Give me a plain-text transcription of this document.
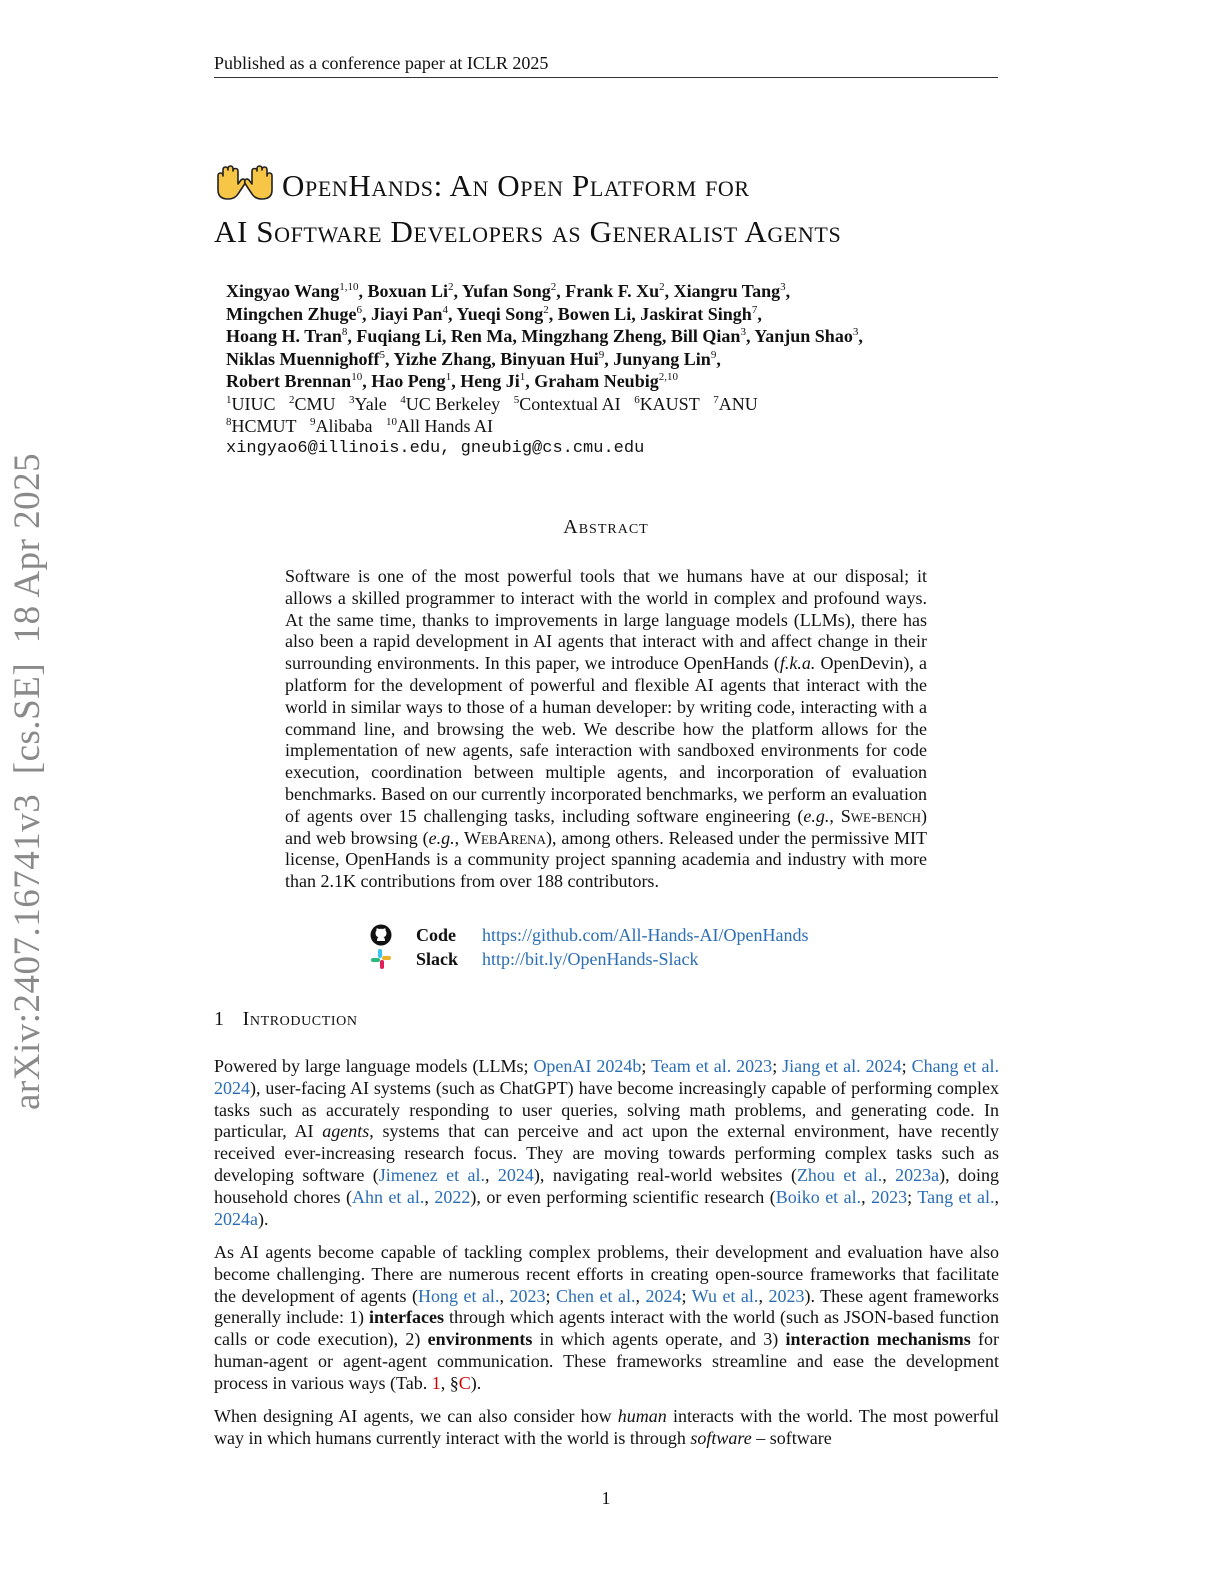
Published as a conference paper at ICLR 2025
arXiv:2407.16741v3  [cs.SE]  18 Apr 2025
OpenHands: An Open Platform for
AI Software Developers as Generalist Agents
Xingyao Wang$^{1,10}$, Boxuan Li$^2$, Yufan Song$^2$, Frank F. Xu$^2$, Xiangru Tang$^3$,
Mingchen Zhuge$^6$, Jiayi Pan$^4$, Yueqi Song$^2$, Bowen Li, Jaskirat Singh$^7$,
Hoang H. Tran$^8$, Fuqiang Li, Ren Ma, Mingzhang Zheng, Bill Qian$^3$, Yanjun Shao$^3$,
Niklas Muennighoff$^5$, Yizhe Zhang, Binyuan Hui$^9$, Junyang Lin$^9$,
Robert Brennan$^{10}$, Hao Peng$^1$, Heng Ji$^1$, Graham Neubig$^{2,10}$
$^1$UIUC $^2$CMU $^3$Yale $^4$UC Berkeley $^5$Contextual AI $^6$KAUST $^7$ANU
$^8$HCMUT $^9$Alibaba $^{10}$All Hands AI
xingyao6@illinois.edu, gneubig@cs.cmu.edu
Abstract
Software is one of the most powerful tools that we humans have at our disposal; it allows a skilled programmer to interact with the world in complex and profound ways. At the same time, thanks to improvements in large language models (LLMs), there has also been a rapid development in AI agents that interact with and affect change in their surrounding environments. In this paper, we introduce OpenHands (f.k.a. OpenDevin), a platform for the development of powerful and flexible AI agents that interact with the world in similar ways to those of a human developer: by writing code, interacting with a command line, and browsing the web. We describe how the platform allows for the implementation of new agents, safe interaction with sandboxed environments for code execution, coordination between multiple agents, and incorporation of evaluation benchmarks. Based on our currently incorporated benchmarks, we perform an evaluation of agents over 15 challenging tasks, including software engineering (e.g., Swe-bench) and web browsing (e.g., WebArena), among others. Released under the permissive MIT license, OpenHands is a community project spanning academia and industry with more than 2.1K contributions from over 188 contributors.
Code	https://github.com/All-Hands-AI/OpenHands
Slack	http://bit.ly/OpenHands-Slack
1 Introduction
Powered by large language models (LLMs; OpenAI 2024b; Team et al. 2023; Jiang et al. 2024; Chang et al. 2024), user-facing AI systems (such as ChatGPT) have become increasingly capable of performing complex tasks such as accurately responding to user queries, solving math problems, and generating code. In particular, AI agents, systems that can perceive and act upon the external environment, have recently received ever-increasing research focus. They are moving towards performing complex tasks such as developing software (Jimenez et al., 2024), navigating real-world websites (Zhou et al., 2023a), doing household chores (Ahn et al., 2022), or even performing scientific research (Boiko et al., 2023; Tang et al., 2024a).
As AI agents become capable of tackling complex problems, their development and evaluation have also become challenging. There are numerous recent efforts in creating open-source frameworks that facilitate the development of agents (Hong et al., 2023; Chen et al., 2024; Wu et al., 2023). These agent frameworks generally include: 1) interfaces through which agents interact with the world (such as JSON-based function calls or code execution), 2) environments in which agents operate, and 3) interaction mechanisms for human-agent or agent-agent communication. These frameworks streamline and ease the development process in various ways (Tab. 1, §C).
When designing AI agents, we can also consider how human interacts with the world. The most powerful way in which humans currently interact with the world is through software – software
1
